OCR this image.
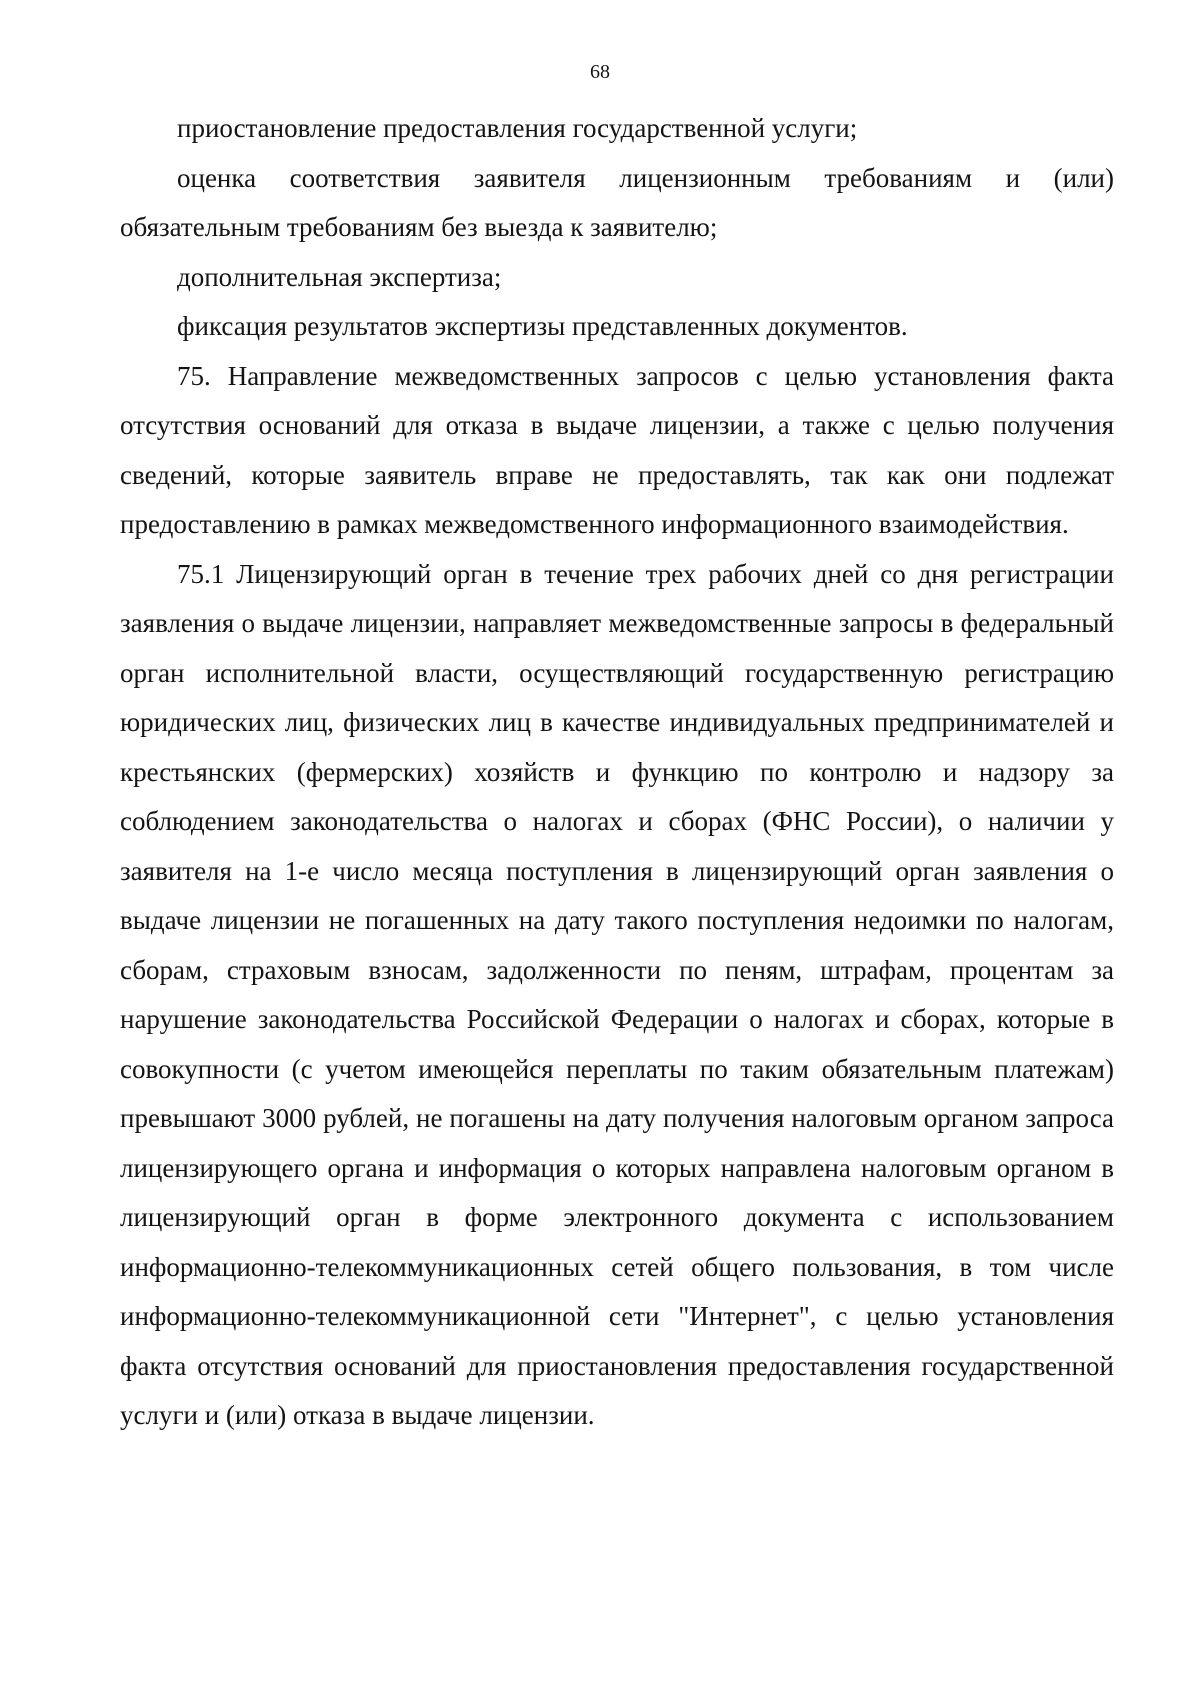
68

приостановление предоставления государственной услуги;

оценка соответствия заявителя лицензионным требованиям и (или) обязательным требованиям без выезда к заявителю;

дополнительная экспертиза;

фиксация результатов экспертизы представленных документов.

75. Направление межведомственных запросов с целью установления факта отсутствия оснований для отказа в выдаче лицензии, а также с целью получения сведений, которые заявитель вправе не предоставлять, так как они подлежат предоставлению в рамках межведомственного информационного взаимодействия.

75.1 Лицензирующий орган в течение трех рабочих дней со дня регистрации заявления о выдаче лицензии, направляет межведомственные запросы в федеральный орган исполнительной власти, осуществляющий государственную регистрацию юридических лиц, физических лиц в качестве индивидуальных предпринимателей и крестьянских (фермерских) хозяйств и функцию по контролю и надзору за соблюдением законодательства о налогах и сборах (ФНС России), о наличии у заявителя на 1-е число месяца поступления в лицензирующий орган заявления о выдаче лицензии не погашенных на дату такого поступления недоимки по налогам, сборам, страховым взносам, задолженности по пеням, штрафам, процентам за нарушение законодательства Российской Федерации о налогах и сборах, которые в совокупности (с учетом имеющейся переплаты по таким обязательным платежам) превышают 3000 рублей, не погашены на дату получения налоговым органом запроса лицензирующего органа и информация о которых направлена налоговым органом в лицензирующий орган в форме электронного документа с использованием информационно-телекоммуникационных сетей общего пользования, в том числе информационно-телекоммуникационной сети "Интернет", с целью установления факта отсутствия оснований для приостановления предоставления государственной услуги и (или) отказа в выдаче лицензии.
